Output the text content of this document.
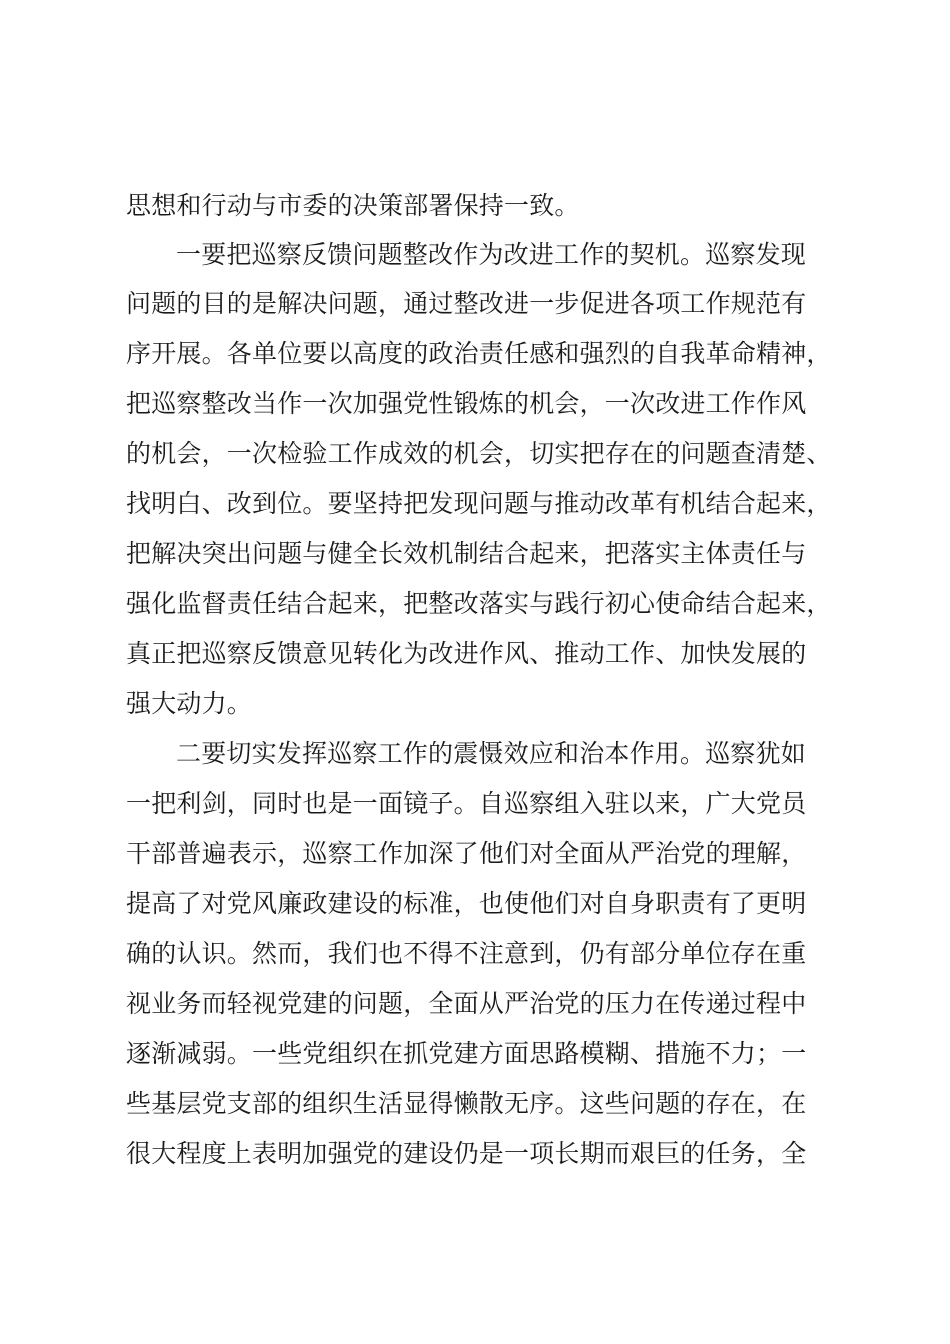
思想和行动与市委的决策部署保持一致。
一要把巡察反馈问题整改作为改进工作的契机。巡察发现
问题的目的是解决问题，通过整改进一步促进各项工作规范有
序开展。各单位要以高度的政治责任感和强烈的自我革命精神，
把巡察整改当作一次加强党性锻炼的机会，一次改进工作作风
的机会，一次检验工作成效的机会，切实把存在的问题查清楚、
找明白、改到位。要坚持把发现问题与推动改革有机结合起来，
把解决突出问题与健全长效机制结合起来，把落实主体责任与
强化监督责任结合起来，把整改落实与践行初心使命结合起来，
真正把巡察反馈意见转化为改进作风、推动工作、加快发展的
强大动力。
二要切实发挥巡察工作的震慑效应和治本作用。巡察犹如
一把利剑，同时也是一面镜子。自巡察组入驻以来，广大党员
干部普遍表示，巡察工作加深了他们对全面从严治党的理解，
提高了对党风廉政建设的标准，也使他们对自身职责有了更明
确的认识。然而，我们也不得不注意到，仍有部分单位存在重
视业务而轻视党建的问题，全面从严治党的压力在传递过程中
逐渐减弱。一些党组织在抓党建方面思路模糊、措施不力；一
些基层党支部的组织生活显得懒散无序。这些问题的存在，在
很大程度上表明加强党的建设仍是一项长期而艰巨的任务，全
